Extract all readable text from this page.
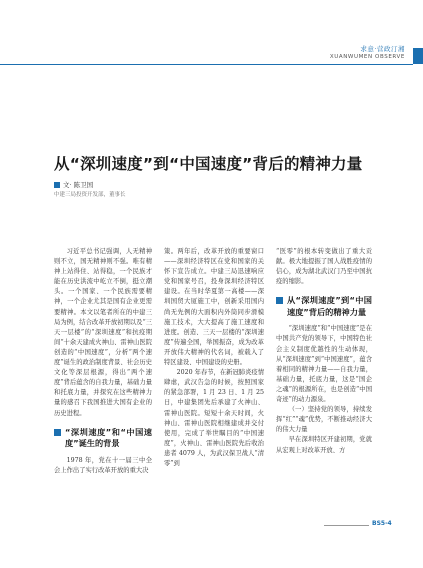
求意·营政汀湘
XUANWUMEN OBSERVE
从“深圳速度”到“中国速度”背后的精神力量
文· 陈卫国
中建三局投资开发部，董事长

习近平总书记强调，人无精神则不立，国无精神则不强。唯有精神上站得住、站得稳，一个民族才能在历史洪流中屹立不倒，挺立潮头。一个国家、一个民族需要精神，一个企业尤其是国有企业更需要精神。本文以笔者所在的中建三局为例，结合改革开放初期以及“三天一层楼”的“深圳速度”和抗疫期间“十余天建成火神山、雷神山医院创造的“中国速度”，分析“两个速度”诞生的政治制度背景、社会历史文化等深层根源，得出“两个速度”背后蕴含的自我力量，基础力量和托底力量，并探究在这些精神力量的感召下我国推进大国有企业的历史进程。

“深圳速度”和“中国速度”诞生的背景

1978 年，党在十一届三中全会上作出了实行改革开放的重大决

策。两年后，改革开放的重要窗口——深圳经济特区在党和国家的关怀下宣告成立。中建三局迅速响应党和国家号召，投身深圳经济特区建设。在当时华夏第一高楼——深圳国贸大厦施工中，创新采用国内尚无先例的大面积内外筒同步滑模施工技术，大大提高了施工速度和进度。创造、三天一层楼的“深圳速度”传遍全国，举国振奋，成为改革开放伟大精神的代名词，被载入了特区建设、中国建设的史册。

2020 年春节，在新冠肺炎疫情肆虐，武汉告急的时候，按照国家的紧急部署，1 月 23 日、1 月 25 日，中建集团先后承建了火神山、雷神山医院。短短十余天时间，火神山、雷神山医院相继建成并交付使用，完成了举世瞩目的“中国速度”，火神山、雷神山医院先后收治患者 4079 人，为武汉保卫战人“清零”到

“医零”的根本转变做出了重大贡献。极大地提振了国人战胜疫情的信心，成为湖北武汉门乃至中国抗疫的缩影。

从“深圳速度”到“中国速度”背后的精神力量

“深圳速度”和“中国速度”是在中国共产党的领导下，中国特色社会主义制度优越性的生动体现，从“深圳速度”到“中国速度”，蕴含着相同的精神力量——自我力量，基础力量，托底力量，这是“国企之魂”的根源所在，也是创造“中国奇迹”的动力源泉。

（一）坚持党的领导，持续发挥“红”“魂”优势，不断推动经济大的伟大力量

早在深圳特区开建初期，党就从宏观上对改革开放、方

BS5-4
